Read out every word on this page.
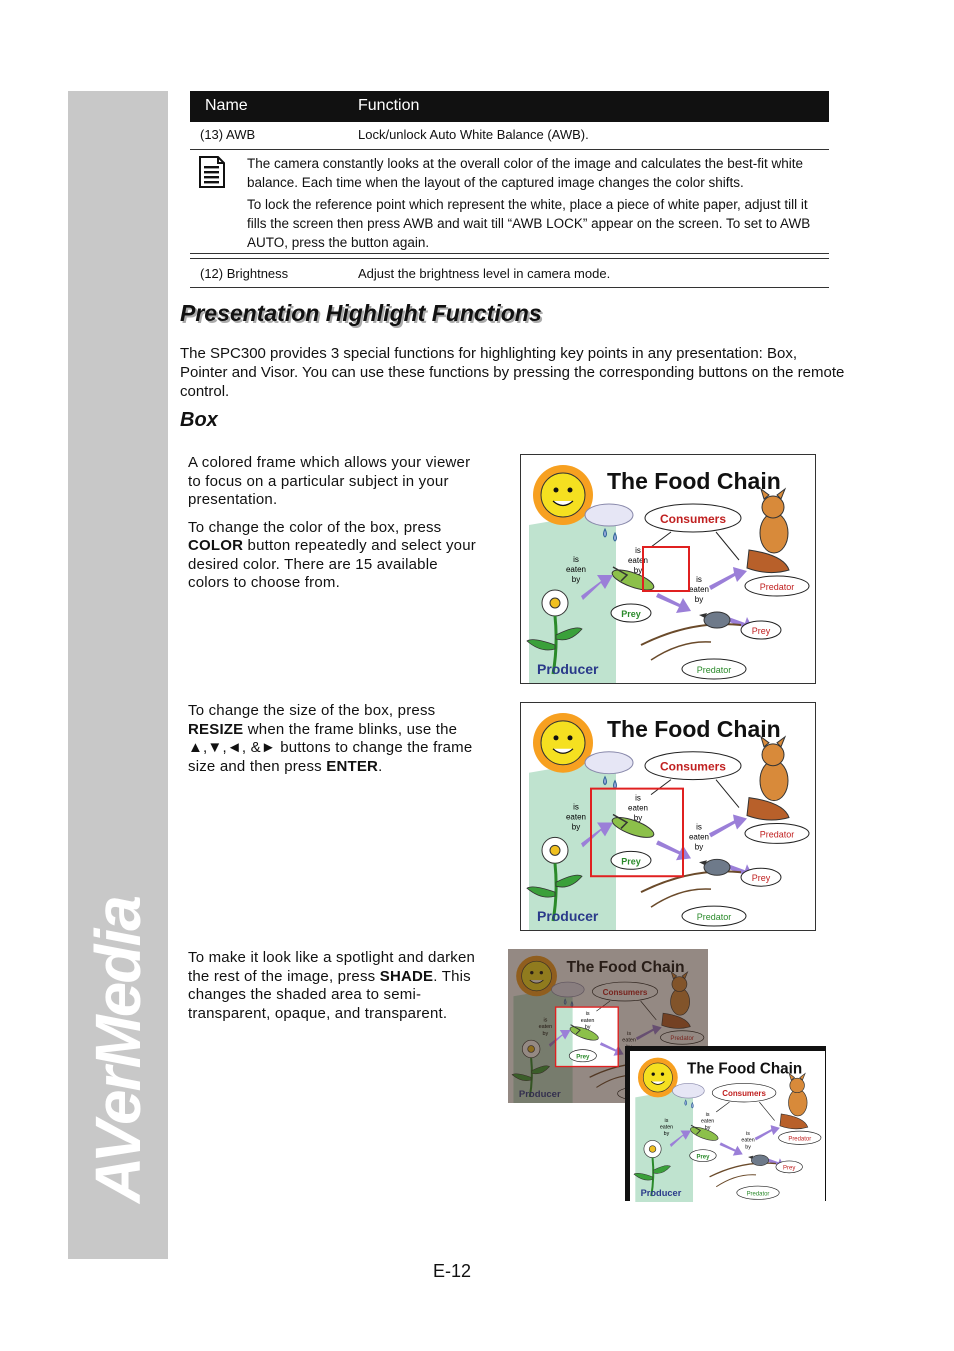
AVerMedia
Name	Function
(13) AWB	Lock/unlock Auto White Balance (AWB).
The camera constantly looks at the overall color of the image and calculates the best-fit white balance. Each time when the layout of the captured image changes the color shifts.
To lock the reference point which represent the white, place a piece of white paper, adjust till it fills the screen then press AWB and wait till “AWB LOCK” appear on the screen. To set to AWB AUTO, press the button again.
(12) Brightness	Adjust the brightness level in camera mode.
Presentation Highlight Functions

The SPC300 provides 3 special functions for highlighting key points in any presentation: Box, Pointer and Visor. You can use these functions by pressing the corresponding buttons on the remote control.

Box

A colored frame which allows your viewer to focus on a particular subject in your presentation.

To change the color of the box, press COLOR button repeatedly and select your desired color. There are 15 available colors to choose from.

To change the size of the box, press RESIZE when the frame blinks, use the ▲,▼,◄, &► buttons to change the frame size and then press ENTER.

To make it look like a spotlight and darken the rest of the image, press SHADE. This changes the shaded area to semi-transparent, opaque, and transparent.

The Food Chain
Consumers
is
eaten
by
is
eaten
by
is
eaten
by
Prey
Predator
Prey
Predator
Producer
The Food Chain
Consumers
is
eaten
by
is
eaten
by
is
eaten
by
Prey
Predator
Prey
Predator
Producer
is
eaten
by
Prey
The Food Chain
Consumers
is
eaten
by
is
eaten
by
is
eaten
by
Prey
Predator
Prey
Predator
Producer
E-12
